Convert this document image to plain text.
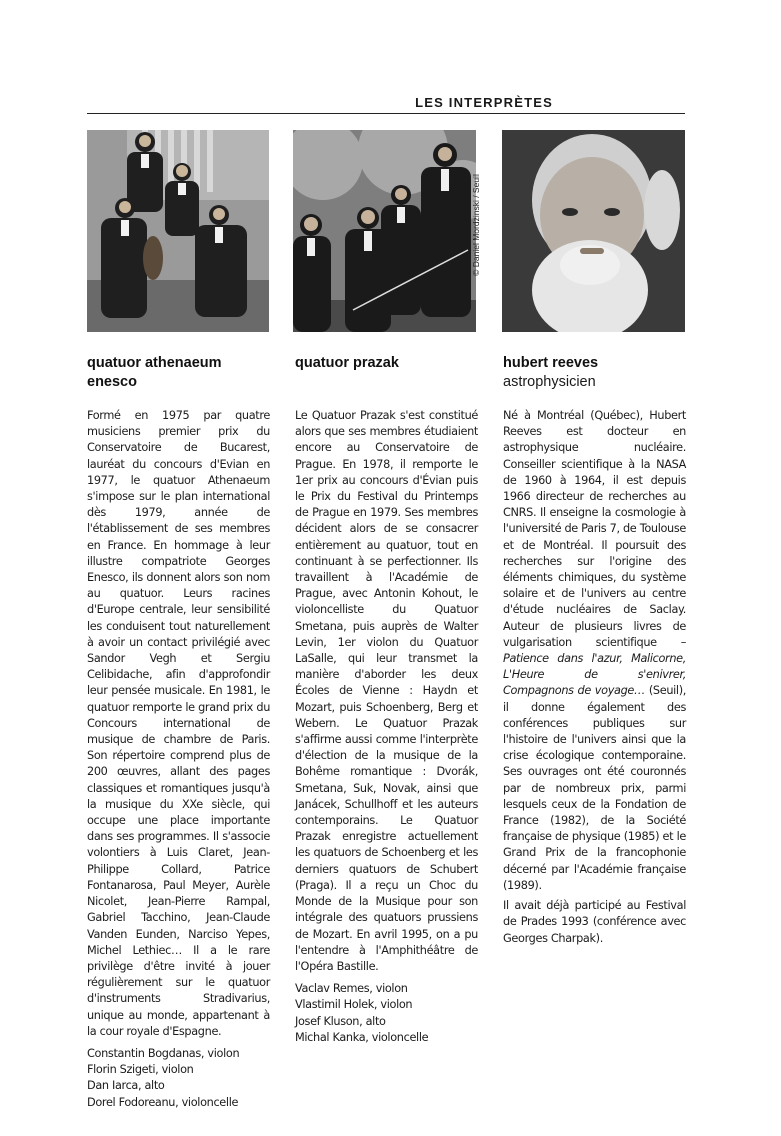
LES INTERPRÈTES
© Daniel Mordzinski / Seuil
quatuor athenaeum enesco

Formé en 1975 par quatre musiciens premier prix du Conservatoire de Bucarest, lauréat du concours d'Evian en 1977, le quatuor Athenaeum s'impose sur le plan international dès 1979, année de l'établissement de ses membres en France. En hommage à leur illustre compatriote Georges Enesco, ils donnent alors son nom au quatuor. Leurs racines d'Europe centrale, leur sensibilité les conduisent tout naturellement à avoir un contact privilégié avec Sandor Vegh et Sergiu Celibidache, afin d'approfondir leur pensée musicale. En 1981, le quatuor remporte le grand prix du Concours international de musique de chambre de Paris. Son répertoire comprend plus de 200 œuvres, allant des pages classiques et romantiques jusqu'à la musique du XXe siècle, qui occupe une place importante dans ses programmes. Il s'associe volontiers à Luis Claret, Jean-Philippe Collard, Patrice Fontanarosa, Paul Meyer, Aurèle Nicolet, Jean-Pierre Rampal, Gabriel Tacchino, Jean-Claude Vanden Eunden, Narciso Yepes, Michel Lethiec… Il a le rare privilège d'être invité à jouer régulièrement sur le quatuor d'instruments Stradivarius, unique au monde, appartenant à la cour royale d'Espagne.

Constantin Bogdanas, violon
Florin Szigeti, violon
Dan Iarca, alto
Dorel Fodoreanu, violoncelle
quatuor prazak

Le Quatuor Prazak s'est constitué alors que ses membres étudiaient encore au Conservatoire de Prague. En 1978, il remporte le 1er prix au concours d'Évian puis le Prix du Festival du Printemps de Prague en 1979. Ses membres décident alors de se consacrer entièrement au quatuor, tout en continuant à se perfectionner. Ils travaillent à l'Académie de Prague, avec Antonin Kohout, le violoncelliste du Quatuor Smetana, puis auprès de Walter Levin, 1er violon du Quatuor LaSalle, qui leur transmet la manière d'aborder les deux Écoles de Vienne : Haydn et Mozart, puis Schoenberg, Berg et Webern. Le Quatuor Prazak s'affirme aussi comme l'interprète d'élection de la musique de la Bohême romantique : Dvorák, Smetana, Suk, Novak, ainsi que Janácek, Schullhoff et les auteurs contemporains. Le Quatuor Prazak enregistre actuellement les quatuors de Schoenberg et les derniers quatuors de Schubert (Praga). Il a reçu un Choc du Monde de la Musique pour son intégrale des quatuors prussiens de Mozart. En avril 1995, on a pu l'entendre à l'Amphithéâtre de l'Opéra Bastille.

Vaclav Remes, violon
Vlastimil Holek, violon
Josef Kluson, alto
Michal Kanka, violoncelle
hubert reeves

astrophysicien

Né à Montréal (Québec), Hubert Reeves est docteur en astrophysique nucléaire. Conseiller scientifique à la NASA de 1960 à 1964, il est depuis 1966 directeur de recherches au CNRS. Il enseigne la cosmologie à l'université de Paris 7, de Toulouse et de Montréal. Il poursuit des recherches sur l'origine des éléments chimiques, du système solaire et de l'univers au centre d'étude nucléaires de Saclay. Auteur de plusieurs livres de vulgarisation scientifique – Patience dans l'azur, Malicorne, L'Heure de s'enivrer, Compagnons de voyage… (Seuil), il donne également des conférences publiques sur l'histoire de l'univers ainsi que la crise écologique contemporaine. Ses ouvrages ont été couronnés par de nombreux prix, parmi lesquels ceux de la Fondation de France (1982), de la Société française de physique (1985) et le Grand Prix de la francophonie décerné par l'Académie française (1989).

Il avait déjà participé au Festival de Prades 1993 (conférence avec Georges Charpak).
